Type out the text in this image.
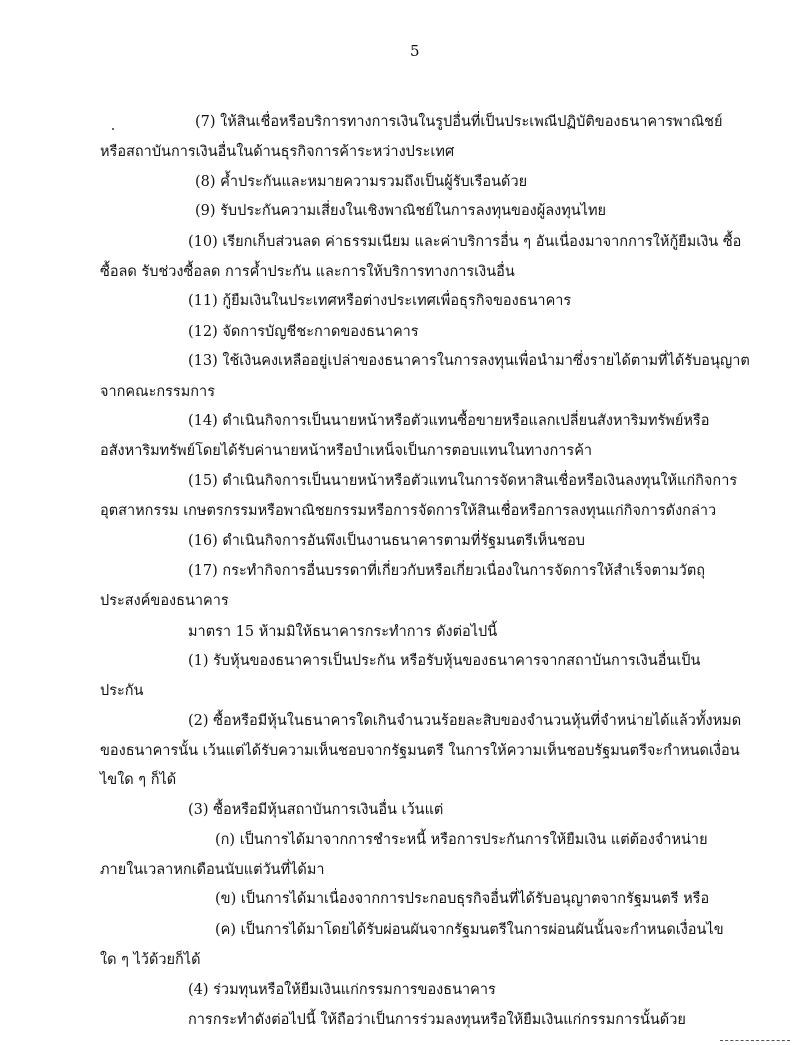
5
(7) ให้สินเชื่อหรือบริการทางการเงินในรูปอื่นที่เป็นประเพณีปฏิบัติของธนาคารพาณิชย์
หรือสถาบันการเงินอื่นในด้านธุรกิจการค้าระหว่างประเทศ
(8) ค้ำประกันและหมายความรวมถึงเป็นผู้รับเรือนด้วย
(9) รับประกันความเสี่ยงในเชิงพาณิชย์ในการลงทุนของผู้ลงทุนไทย
(10) เรียกเก็บส่วนลด ค่าธรรมเนียม และค่าบริการอื่น ๆ อันเนื่องมาจากการให้กู้ยืมเงิน ซื้อ
ซื้อลด รับช่วงซื้อลด การค้ำประกัน และการให้บริการทางการเงินอื่น
(11) กู้ยืมเงินในประเทศหรือต่างประเทศเพื่อธุรกิจของธนาคาร
(12) จัดการบัญชีชะกาดของธนาคาร
(13) ใช้เงินคงเหลืออยู่เปล่าของธนาคารในการลงทุนเพื่อนำมาซึ่งรายได้ตามที่ได้รับอนุญาต
จากคณะกรรมการ
(14) ดำเนินกิจการเป็นนายหน้าหรือตัวแทนซื้อขายหรือแลกเปลี่ยนสังหาริมทรัพย์หรือ
อสังหาริมทรัพย์โดยได้รับค่านายหน้าหรือบำเหน็จเป็นการตอบแทนในทางการค้า
(15) ดำเนินกิจการเป็นนายหน้าหรือตัวแทนในการจัดหาสินเชื่อหรือเงินลงทุนให้แก่กิจการ
อุตสาหกรรม เกษตรกรรมหรือพาณิชยกรรมหรือการจัดการให้สินเชื่อหรือการลงทุนแก่กิจการดังกล่าว
(16) ดำเนินกิจการอันพึงเป็นงานธนาคารตามที่รัฐมนตรีเห็นชอบ
(17) กระทำกิจการอื่นบรรดาที่เกี่ยวกับหรือเกี่ยวเนื่องในการจัดการให้สำเร็จตามวัตถุ
ประสงค์ของธนาคาร
มาตรา 15 ห้ามมิให้ธนาคารกระทำการ ดังต่อไปนี้
(1) รับหุ้นของธนาคารเป็นประกัน หรือรับหุ้นของธนาคารจากสถาบันการเงินอื่นเป็น
ประกัน
(2) ซื้อหรือมีหุ้นในธนาคารใดเกินจำนวนร้อยละสิบของจำนวนหุ้นที่จำหน่ายได้แล้วทั้งหมด
ของธนาคารนั้น เว้นแต่ได้รับความเห็นชอบจากรัฐมนตรี ในการให้ความเห็นชอบรัฐมนตรีจะกำหนดเงื่อน
ไขใด ๆ ก็ได้
(3) ซื้อหรือมีหุ้นสถาบันการเงินอื่น เว้นแต่
(ก) เป็นการได้มาจากการชำระหนี้ หรือการประกันการให้ยืมเงิน แต่ต้องจำหน่าย
ภายในเวลาหกเดือนนับแต่วันที่ได้มา
(ข) เป็นการได้มาเนื่องจากการประกอบธุรกิจอื่นที่ได้รับอนุญาตจากรัฐมนตรี หรือ
(ค) เป็นการได้มาโดยได้รับผ่อนผันจากรัฐมนตรีในการผ่อนผันนั้นจะกำหนดเงื่อนไข
ใด ๆ ไว้ด้วยก็ได้
(4) ร่วมทุนหรือให้ยืมเงินแก่กรรมการของธนาคาร
การกระทำดังต่อไปนี้ ให้ถือว่าเป็นการร่วมลงทุนหรือให้ยืมเงินแก่กรรมการนั้นด้วย
